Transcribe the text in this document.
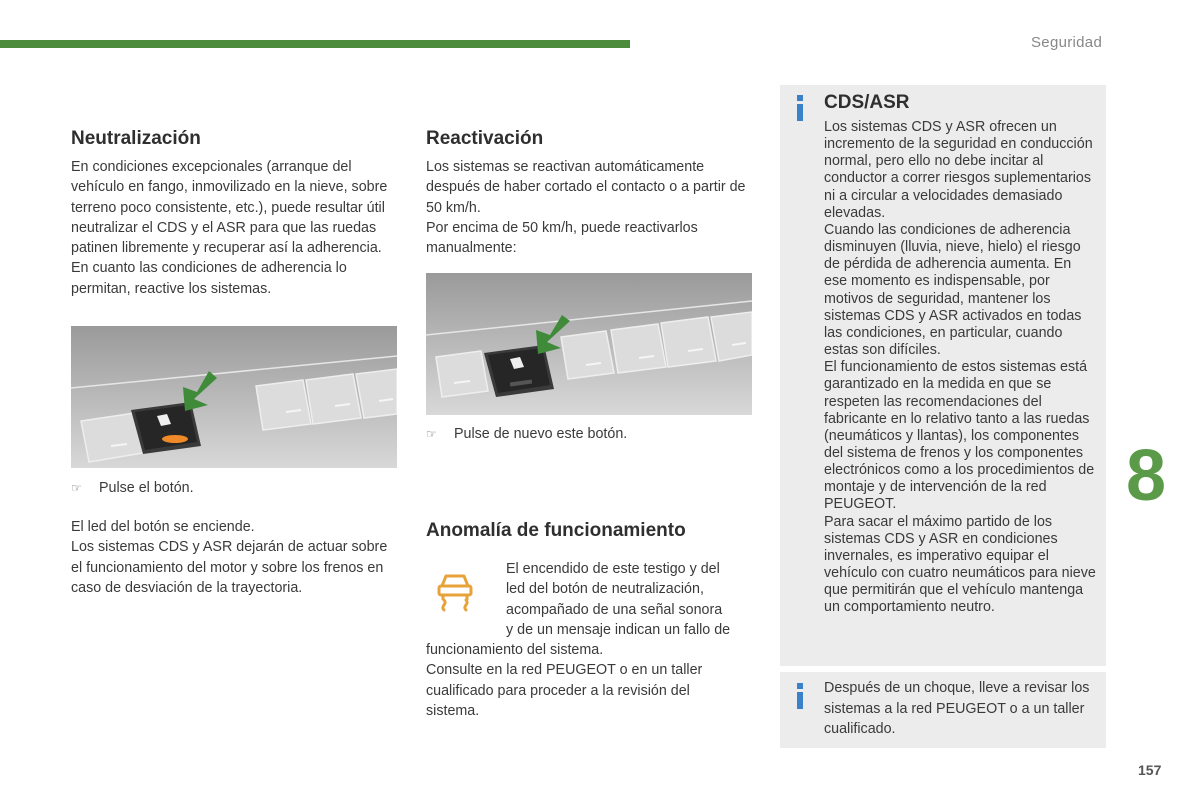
Seguridad
Neutralización

En condiciones excepcionales (arranque del vehículo en fango, inmovilizado en la nieve, sobre terreno poco consistente, etc.), puede resultar útil neutralizar el CDS y el ASR para que las ruedas patinen libremente y recuperar así la adherencia.

En cuanto las condiciones de adherencia lo permitan, reactive los sistemas.

☞	Pulse el botón.

El led del botón se enciende.

Los sistemas CDS y ASR dejarán de actuar sobre el funcionamiento del motor y sobre los frenos en caso de desviación de la trayectoria.

Reactivación

Los sistemas se reactivan automáticamente después de haber cortado el contacto o a partir de 50 km/h.

Por encima de 50 km/h, puede reactivarlos manualmente:

☞	Pulse de nuevo este botón.
Anomalía de funcionamiento

El encendido de este testigo y del

led del botón de neutralización,

acompañado de una señal sonora

y de un mensaje indican un fallo de

funcionamiento del sistema.

Consulte en la red PEUGEOT o en un taller cualificado para proceder a la revisión del sistema.

CDS/ASR

Los sistemas CDS y ASR ofrecen un incremento de la seguridad en conducción normal, pero ello no debe incitar al conductor a correr riesgos suplementarios ni a circular a velocidades demasiado elevadas.

Cuando las condiciones de adherencia disminuyen (lluvia, nieve, hielo) el riesgo de pérdida de adherencia aumenta. En ese momento es indispensable, por motivos de seguridad, mantener los sistemas CDS y ASR activados en todas las condiciones, en particular, cuando estas son difíciles.

El funcionamiento de estos sistemas está garantizado en la medida en que se respeten las recomendaciones del fabricante en lo relativo tanto a las ruedas (neumáticos y llantas), los componentes del sistema de frenos y los componentes electrónicos como a los procedimientos de montaje y de intervención de la red PEUGEOT.

Para sacar el máximo partido de los sistemas CDS y ASR en condiciones invernales, es imperativo equipar el vehículo con cuatro neumáticos para nieve que permitirán que el vehículo mantenga un comportamiento neutro.

Después de un choque, lleve a revisar los sistemas a la red PEUGEOT o a un taller cualificado.
8
157
